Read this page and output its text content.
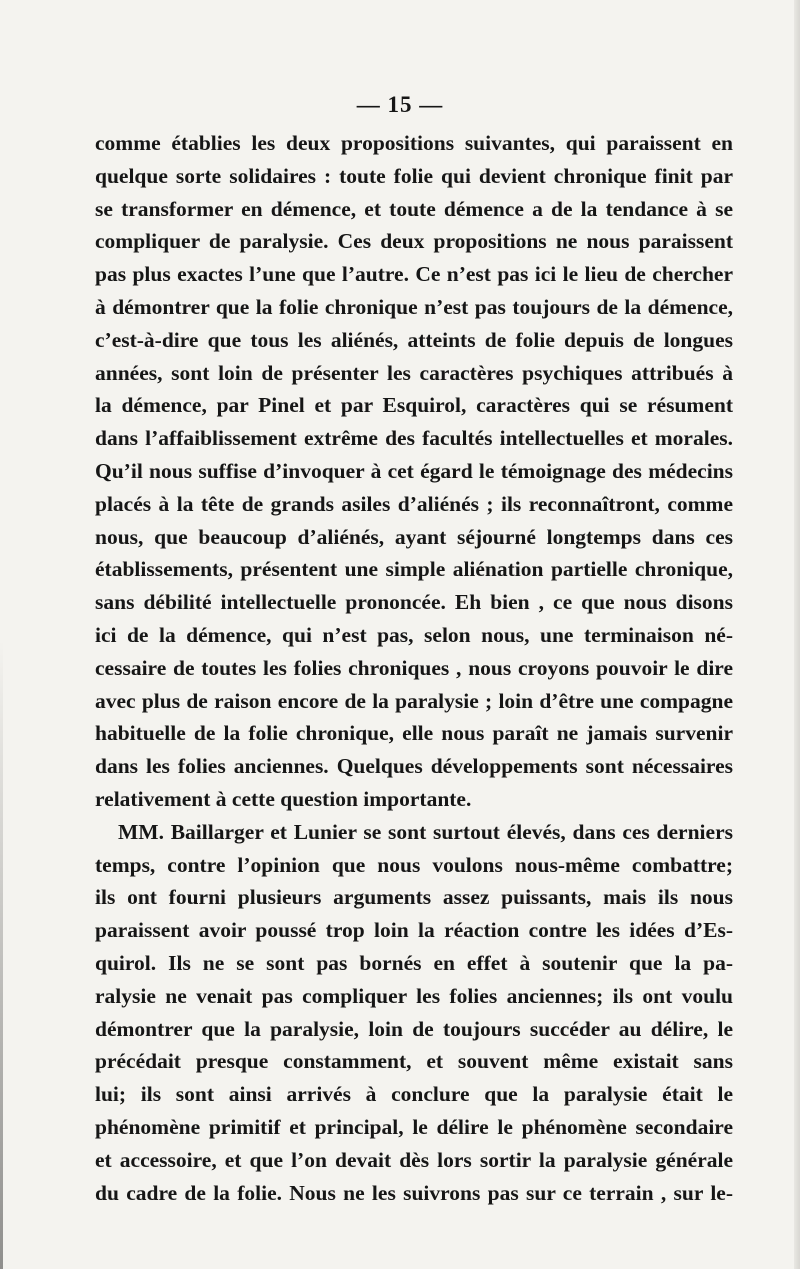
— 15 —
comme établies les deux propositions suivantes, qui paraissent en
quelque sorte solidaires : toute folie qui devient chronique finit par
se transformer en démence, et toute démence a de la tendance à se
compliquer de paralysie. Ces deux propositions ne nous paraissent
pas plus exactes l’une que l’autre. Ce n’est pas ici le lieu de chercher
à démontrer que la folie chronique n’est pas toujours de la démence,
c’est-à-dire que tous les aliénés, atteints de folie depuis de longues
années, sont loin de présenter les caractères psychiques attribués à
la démence, par Pinel et par Esquirol, caractères qui se résument
dans l’affaiblissement extrême des facultés intellectuelles et morales.
Qu’il nous suffise d’invoquer à cet égard le témoignage des médecins
placés à la tête de grands asiles d’aliénés ; ils reconnaîtront, comme
nous, que beaucoup d’aliénés, ayant séjourné longtemps dans ces
établissements, présentent une simple aliénation partielle chronique,
sans débilité intellectuelle prononcée. Eh bien , ce que nous disons
ici de la démence, qui n’est pas, selon nous, une terminaison né-
cessaire de toutes les folies chroniques , nous croyons pouvoir le dire
avec plus de raison encore de la paralysie ; loin d’être une compagne
habituelle de la folie chronique, elle nous paraît ne jamais survenir
dans les folies anciennes. Quelques développements sont nécessaires
relativement à cette question importante.
MM. Baillarger et Lunier se sont surtout élevés, dans ces derniers
temps, contre l’opinion que nous voulons nous-même combattre;
ils ont fourni plusieurs arguments assez puissants, mais ils nous
paraissent avoir poussé trop loin la réaction contre les idées d’Es-
quirol. Ils ne se sont pas bornés en effet à soutenir que la pa-
ralysie ne venait pas compliquer les folies anciennes; ils ont voulu
démontrer que la paralysie, loin de toujours succéder au délire, le
précédait presque constamment, et souvent même existait sans
lui; ils sont ainsi arrivés à conclure que la paralysie était le
phénomène primitif et principal, le délire le phénomène secondaire
et accessoire, et que l’on devait dès lors sortir la paralysie générale
du cadre de la folie. Nous ne les suivrons pas sur ce terrain , sur le-
